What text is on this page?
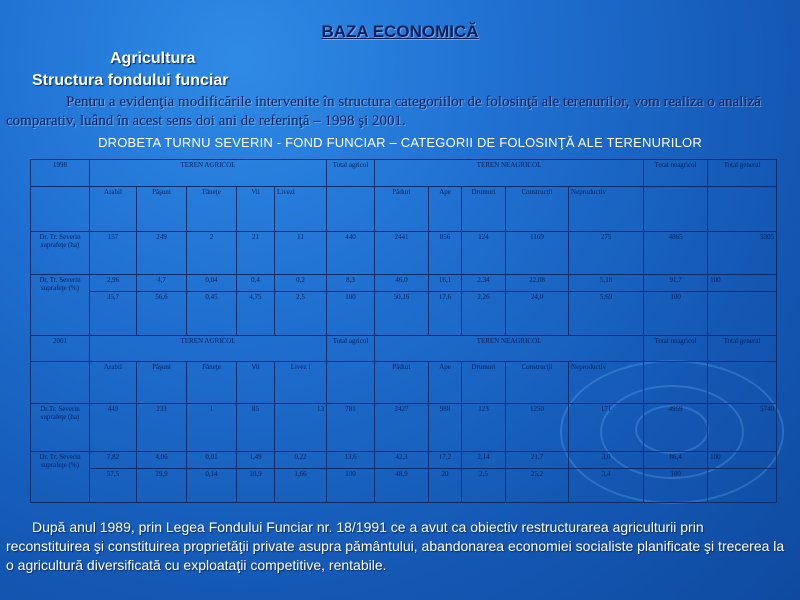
BAZA ECONOMICĂ
Agricultura
Structura fondului funciar
Pentru a evidenţia modificările intervenite în structura categoriilor de folosinţă ale terenurilor, vom realiza o analiză comparativ, luând în acest sens doi ani de referinţă – 1998 şi 2001.
DROBETA TURNU SEVERIN - FOND FUNCIAR – CATEGORII DE FOLOSINŢĂ ALE TERENURILOR
1998	TEREN AGRICOL					Total agricol	TEREN NEAGRICOL					Total neagricol	Total general
	Arabil	Păşuni	Fâneţe	Vii	Livezi		Păduri	Ape	Drumuri	Construcţii	Neproductiv		
Dr. Tr. Severin suprafeţe (ha)	157	249	2	21	11	440	2441	856	124	1169	275	4865	5305
Dr. Tr. Severin suprafeţe (%)	2,96	4,7	0,04	0,4	0,2	8,3	46,0	16,1	2,34	22,08	5,18	91,7	100
	35,7	56,6	0,45	4,75	2,5	100	50,16	17,6	2,26	24,0	5,69	100	
2001	TEREN AGRICOL					Total agricol	TEREN NEAGRICOL					Total neagricol	Total general
	Arabil	Păşuni	Fâneţe	Vii	Livez i		Păduri	Ape	Drumuri	Construcţii	Neproductiv		
Dr.Tr. Severin suprafeţe (ha)	449	233	1	85	13	781	2427	988	123	1250	171	4959	5740
Dr. Tr. Severin suprafeţe (%)	7,82	4,06	0,01	1,49	0,22	13,6	42,3	17,2	2,14	21,7	3,0	86,4	100
	57,5	29,9	0,14	10,9	1,66	100	48,9	20	2,5	25,2	3,4	100	
După anul 1989, prin Legea Fondului Funciar nr. 18/1991 ce a avut ca obiectiv restructurarea agriculturii prin reconstituirea şi constituirea proprietăţii private asupra pământului, abandonarea economiei socialiste planificate şi trecerea la o agricultură diversificată cu exploataţii competitive, rentabile.
